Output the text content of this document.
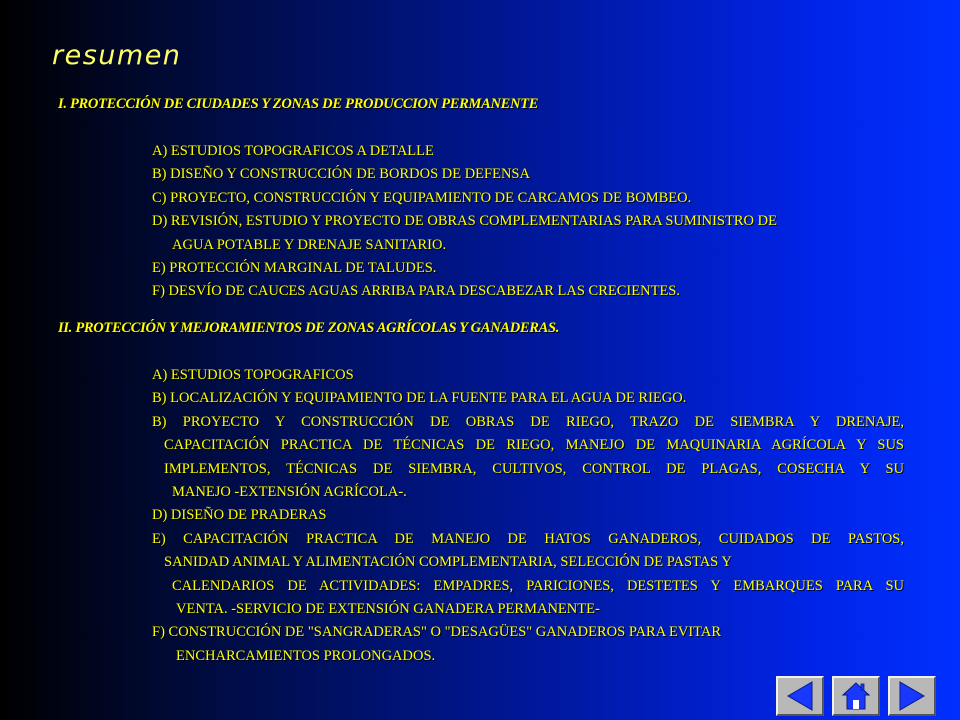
resumen
I. PROTECCIÓN DE CIUDADES Y ZONAS DE PRODUCCION PERMANENTE
A) ESTUDIOS TOPOGRAFICOS A DETALLE
B) DISEÑO Y CONSTRUCCIÓN DE BORDOS DE DEFENSA
C) PROYECTO, CONSTRUCCIÓN Y EQUIPAMIENTO DE CARCAMOS DE BOMBEO.
D) REVISIÓN, ESTUDIO Y PROYECTO DE OBRAS COMPLEMENTARIAS PARA SUMINISTRO DE
AGUA POTABLE Y DRENAJE SANITARIO.
E) PROTECCIÓN MARGINAL DE TALUDES.
F) DESVÍO DE CAUCES AGUAS ARRIBA PARA DESCABEZAR LAS CRECIENTES.
II. PROTECCIÓN Y MEJORAMIENTOS DE ZONAS AGRÍCOLAS Y GANADERAS.
A) ESTUDIOS TOPOGRAFICOS
B) LOCALIZACIÓN Y EQUIPAMIENTO DE LA FUENTE PARA EL AGUA DE RIEGO.
B) PROYECTO Y CONSTRUCCIÓN DE OBRAS DE RIEGO, TRAZO DE SIEMBRA Y DRENAJE,
CAPACITACIÓN PRACTICA DE TÉCNICAS DE RIEGO, MANEJO DE MAQUINARIA AGRÍCOLA Y SUS
IMPLEMENTOS, TÉCNICAS DE SIEMBRA, CULTIVOS, CONTROL DE PLAGAS, COSECHA Y SU
MANEJO -EXTENSIÓN AGRÍCOLA-.
D) DISEÑO DE PRADERAS
E) CAPACITACIÓN PRACTICA DE MANEJO DE HATOS GANADEROS, CUIDADOS DE PASTOS,
SANIDAD ANIMAL Y ALIMENTACIÓN COMPLEMENTARIA, SELECCIÓN DE PASTAS Y
CALENDARIOS DE ACTIVIDADES: EMPADRES, PARICIONES, DESTETES Y EMBARQUES PARA SU
VENTA. -SERVICIO DE EXTENSIÓN GANADERA PERMANENTE-
F) CONSTRUCCIÓN DE "SANGRADERAS" O "DESAGÜES" GANADEROS PARA EVITAR
ENCHARCAMIENTOS PROLONGADOS.
